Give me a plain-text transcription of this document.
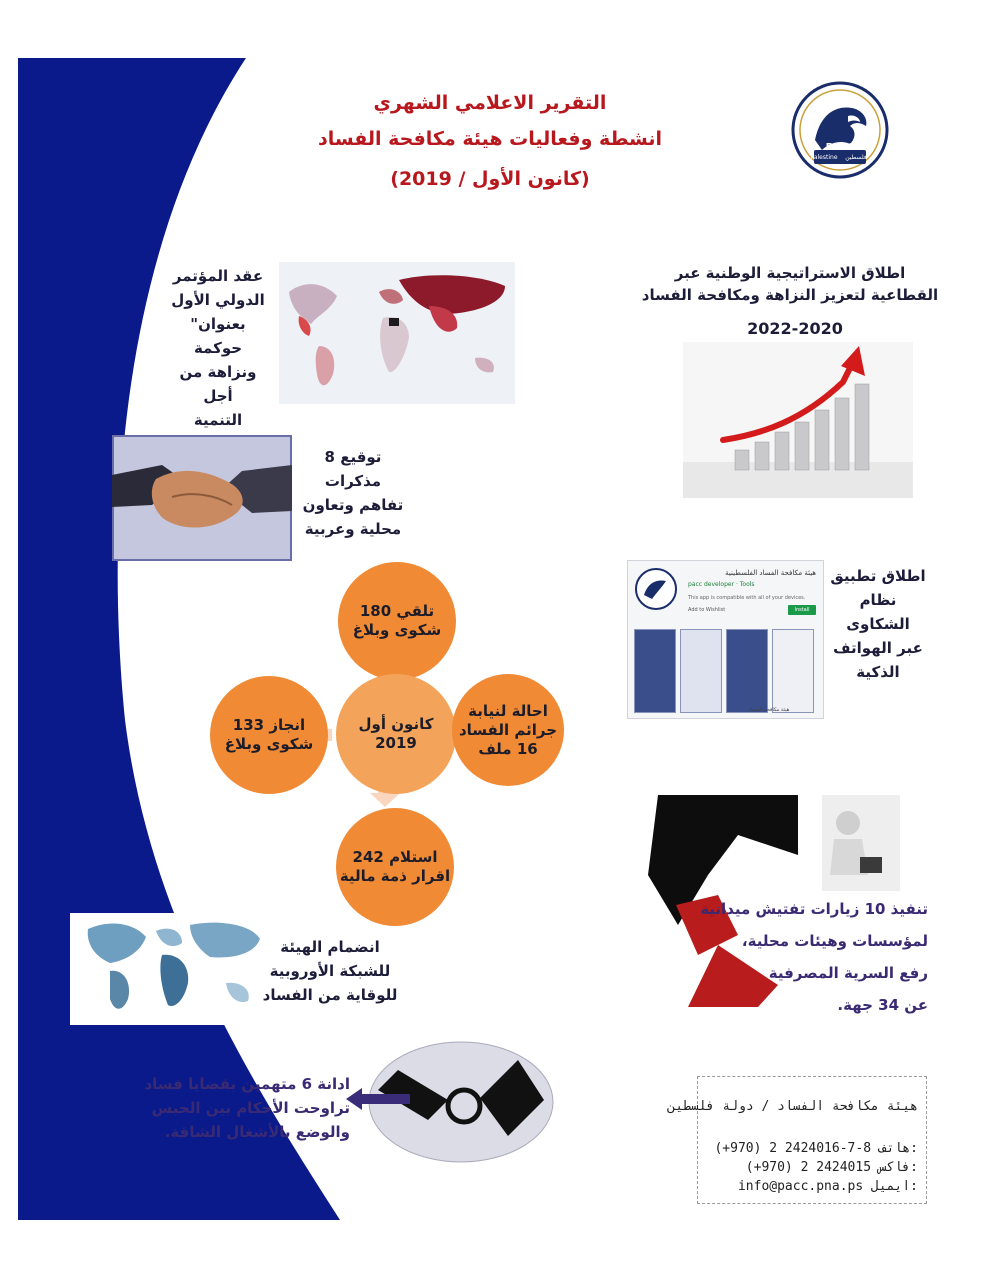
التقرير الاعلامي الشهري
انشطة وفعاليات هيئة مكافحة الفساد
(كانون الأول / 2019)
PACC
Palestine	فلسطين
اطلاق الاستراتيجية الوطنية عبر
القطاعية لتعزيز النزاهة ومكافحة الفساد
2022-2020
عقد المؤتمر
الدولي الأول
بعنوان" حوكمة
ونزاهة من أجل
التنمية
توقيع 8 مذكرات
تفاهم وتعاون
محلية وعربية
هيئة مكافحة الفساد الفلسطينية
pacc developer · Tools
This app is compatible with all of your devices.
Add to Wishlist	Install
هيئة مكافحة الفساد
اطلاق تطبيق
نظام الشكاوى
عبر الهواتف
الذكية
تلقي 180 شكوى وبلاغ
كانون أول 2019
احالة لنيابة جرائم الفساد 16 ملف
انجاز 133 شكوى وبلاغ
استلام 242 اقرار ذمة مالية
تنفيذ 10 زيارات تفتيش ميدانية
لمؤسسات وهيئات محلية،
رفع السرية المصرفية
عن 34 جهة.
انضمام الهيئة
للشبكة الأوروبية
للوقاية من الفساد
ادانة 6 متهمين بقضايا فساد
تراوحت الأحكام بين الحبس
والوضع بالأشغال الشاقة.
هيئة مكافحة الفساد / دولة فلسطين
(+970) 2 2424016-7-8 هاتف:
(+970) 2 2424015 فاكس:
info@pacc.pna.ps ايميل:
